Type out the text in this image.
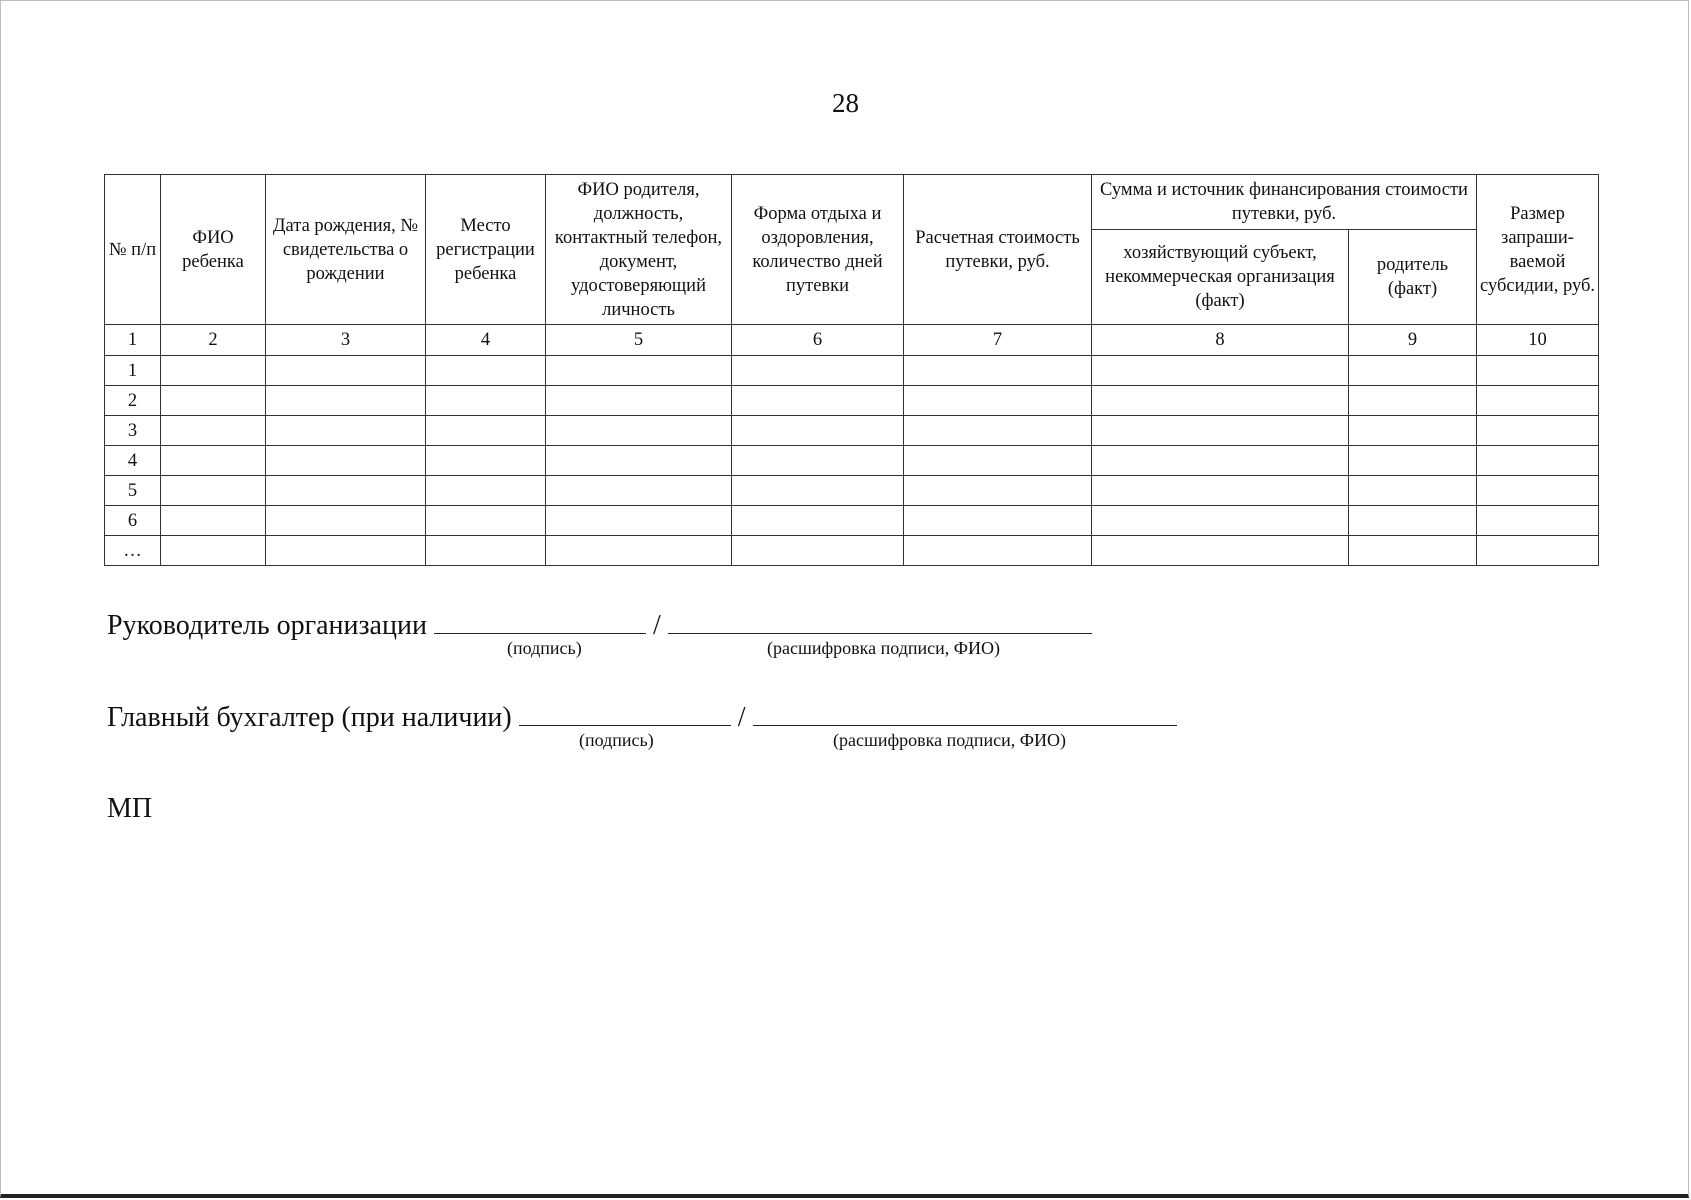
28
№ п/п	ФИО ребенка	Дата рождения, № свидетельства о рождении	Место регистрации ребенка	ФИО родителя, должность, контактный телефон, документ, удостоверяющий личность	Форма отдыха и оздоровления, количество дней путевки	Расчетная стоимость путевки, руб.	Сумма и источник финансирования стоимости путевки, руб.		Размер запраши-ваемой субсидии, руб.
							хозяйствующий субъект, некоммерческая организация (факт)	родитель (факт)	
1	2	3	4	5	6	7	8	9	10
1									
2									
3									
4									
5									
6									
…									
Руководитель организации	/
(подпись)	(расшифровка подписи, ФИО)
Главный бухгалтер (при наличии)	/
(подпись)	(расшифровка подписи, ФИО)
МП
